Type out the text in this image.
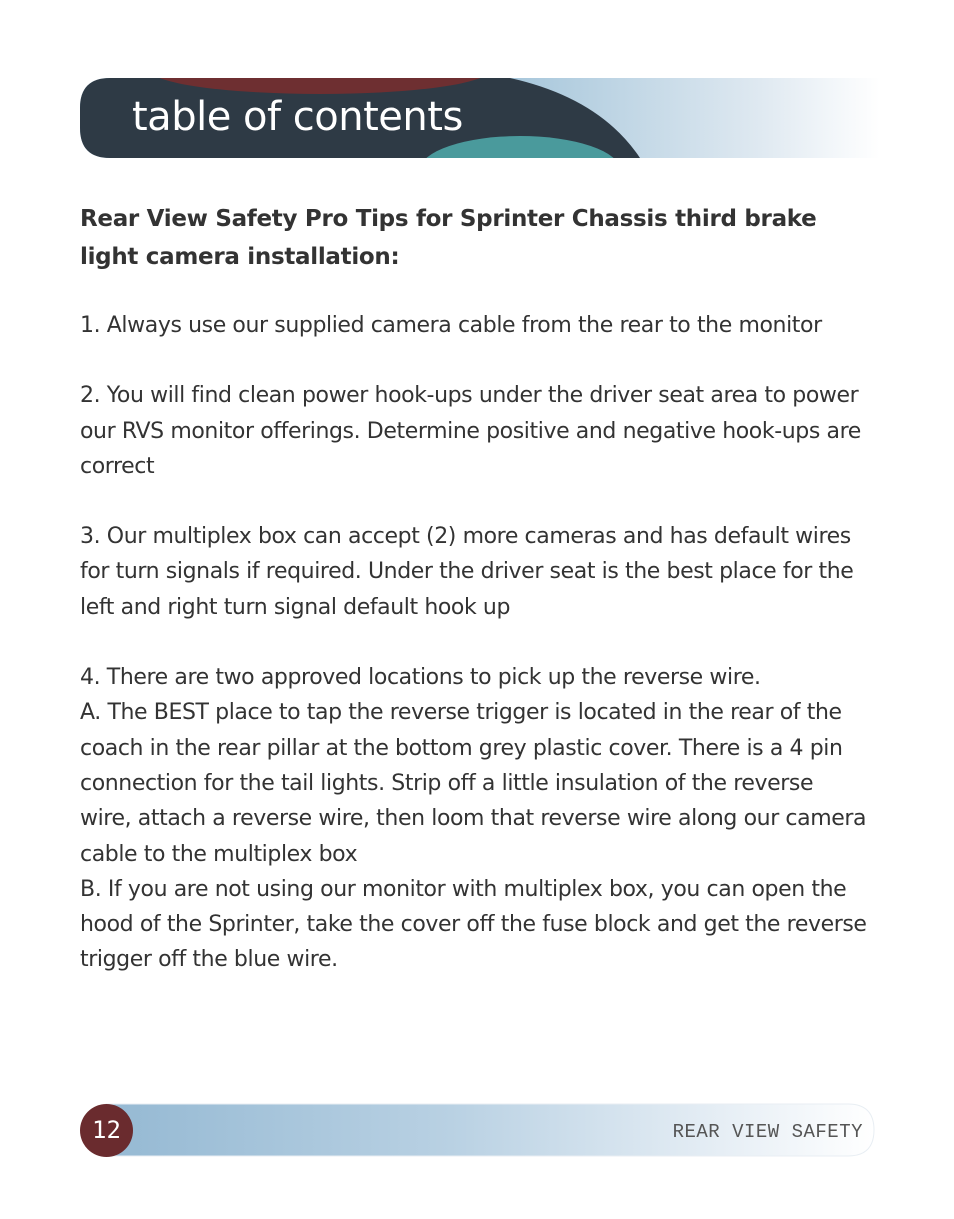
table of contents

Rear View Safety Pro Tips for Sprinter Chassis third brake light camera installation:

1. Always use our supplied camera cable from the rear to the monitor

2. You will find clean power hook-ups under the driver seat area to power our RVS monitor offerings. Determine positive and negative hook-ups are correct

3. Our multiplex box can accept (2) more cameras and has default wires for turn signals if required. Under the driver seat is the best place for the left and right turn signal default hook up

4. There are two approved locations to pick up the reverse wire.

A. The BEST place to tap the reverse trigger is located in the rear of the coach in the rear pillar at the bottom grey plastic cover. There is a 4 pin connection for the tail lights. Strip off a little insulation of the reverse wire, attach a reverse wire, then loom that reverse wire along our camera cable to the multiplex box

B. If you are not using our monitor with multiplex box, you can open the hood of the Sprinter, take the cover off the fuse block and get the reverse trigger off the blue wire.

12	REAR VIEW SAFETY
